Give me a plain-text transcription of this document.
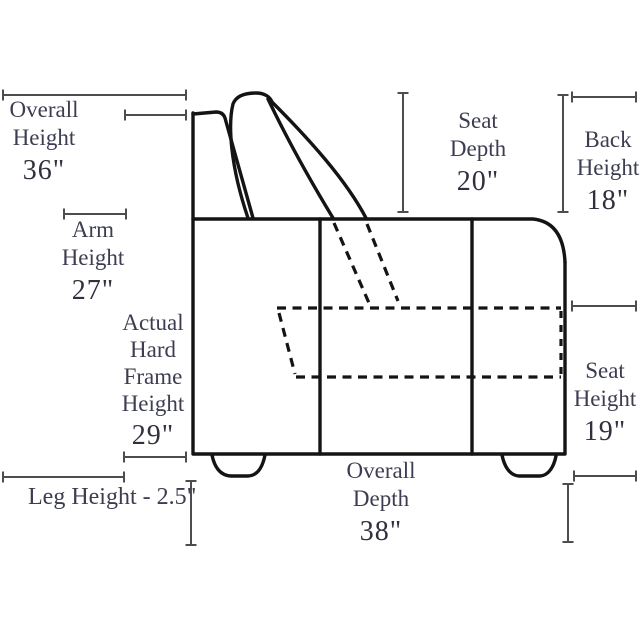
Overall
Height
36"
Arm
Height
27"
Actual
Hard
Frame
Height
29"
Leg Height - 2.5"
Seat
Depth
20"
Back
Height
18"
Seat
Height
19"
Overall
Depth
38"
